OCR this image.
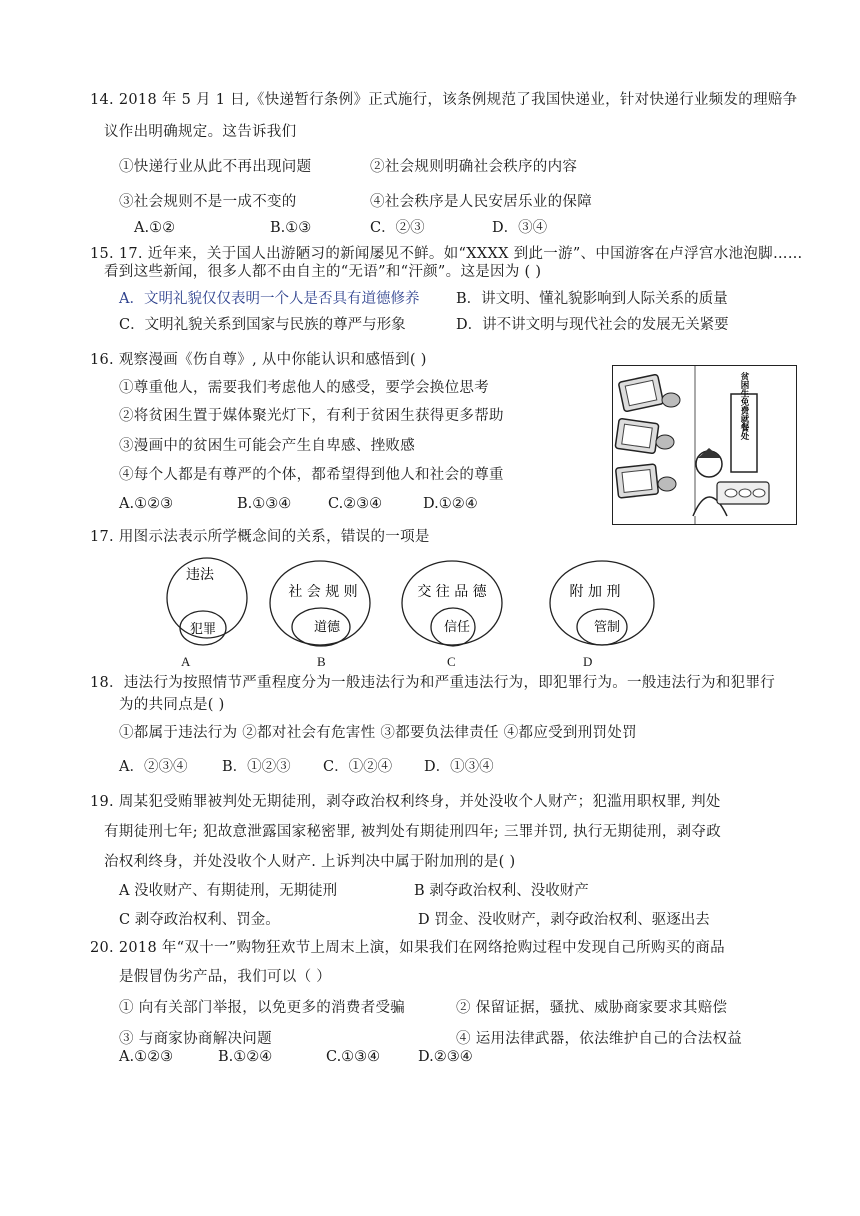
14. 2018 年 5 月 1 日,《快递暂行条例》正式施行，该条例规范了我国快递业，针对快递行业频发的理赔争
议作出明确规定。这告诉我们
①快递行业从此不再出现问题	②社会规则明确社会秩序的内容
③社会规则不是一成不变的	④社会秩序是人民安居乐业的保障
A.①②	B.①③	C．②③	D．③④
15. 17. 近年来，关于国人出游陋习的新闻屡见不鲜。如“XXXX 到此一游”、中国游客在卢浮宫水池泡脚……
看到这些新闻，很多人都不由自主的“无语”和“汗颜”。这是因为 ( )
A．文明礼貌仅仅表明一个人是否具有道德修养	B．讲文明、懂礼貌影响到人际关系的质量
C．文明礼貌关系到国家与民族的尊严与形象	D．讲不讲文明与现代社会的发展无关紧要
16. 观察漫画《伤自尊》, 从中你能认识和感悟到( )
①尊重他人，需要我们考虑他人的感受，要学会换位思考
②将贫困生置于媒体聚光灯下，有利于贫困生获得更多帮助
③漫画中的贫困生可能会产生自卑感、挫败感
④每个人都是有尊严的个体，都希望得到他人和社会的尊重
A.①②③	B.①③④	C.②③④	D.①②④
贫困生免费就餐处
17. 用图示法表示所学概念间的关系，错误的一项是
违法
犯罪
社 会 规 则
道德
交 往 品 德
信任
附 加 刑
管制
A	B	C	D
18．违法行为按照情节严重程度分为一般违法行为和严重违法行为，即犯罪行为。一般违法行为和犯罪行
为的共同点是( )
①都属于违法行为 ②都对社会有危害性 ③都要负法律责任 ④都应受到刑罚处罚
A．②③④ B．①②③ C．①②④ D．①③④
19. 周某犯受贿罪被判处无期徒刑，剥夺政治权利终身，并处没收个人财产；犯滥用职权罪, 判处
有期徒刑七年; 犯故意泄露国家秘密罪, 被判处有期徒刑四年; 三罪并罚, 执行无期徒刑，剥夺政
治权利终身，并处没收个人财产. 上诉判决中属于附加刑的是( )
A 没收财产、有期徒刑，无期徒刑	B 剥夺政治权利、没收财产
C 剥夺政治权利、罚金。	D 罚金、没收财产，剥夺政治权利、驱逐出去
20. 2018 年“双十一”购物狂欢节上周末上演，如果我们在网络抢购过程中发现自己所购买的商品
是假冒伪劣产品，我们可以（ ）
① 向有关部门举报，以免更多的消费者受骗	② 保留证据，骚扰、威胁商家要求其赔偿
③ 与商家协商解决问题	④ 运用法律武器，依法维护自己的合法权益
A.①②③	B.①②④	C.①③④	D.②③④
